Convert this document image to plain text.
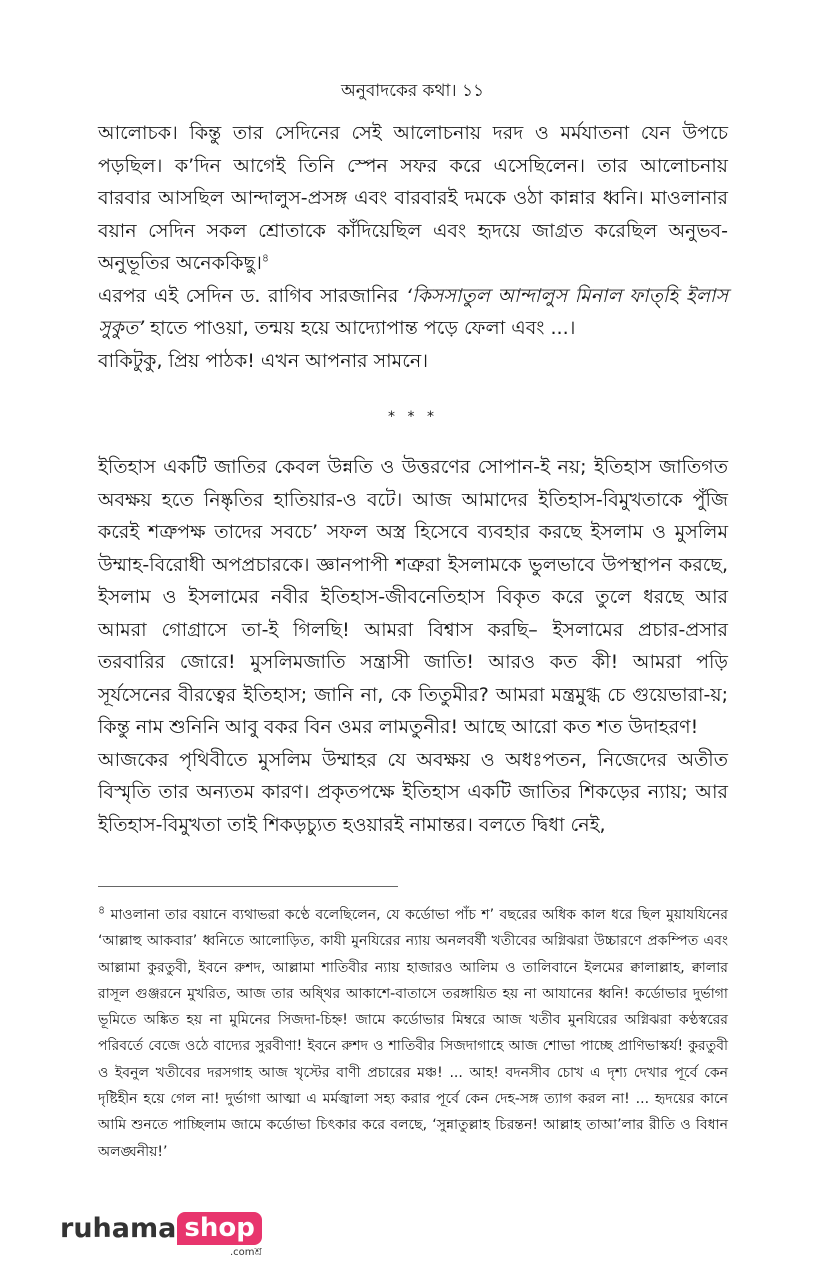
অনুবাদকের কথা। ১১

আলোচক। কিন্তু তার সেদিনের সেই আলোচনায় দরদ ও মর্মযাতনা যেন উপচে পড়ছিল। ক’দিন আগেই তিনি স্পেন সফর করে এসেছিলেন। তার আলোচনায় বারবার আসছিল আন্দালুস-প্রসঙ্গ এবং বারবারই দমকে ওঠা কান্নার ধ্বনি। মাওলানার বয়ান সেদিন সকল শ্রোতাকে কাঁদিয়েছিল এবং হৃদয়ে জাগ্রত করেছিল অনুভব-অনুভূতির অনেককিছু।$^৪$

এরপর এই সেদিন ড. রাগিব সারজানির ‘কিসসাতুল আন্দালুস মিনাল ফাত্‌হি ইলাস সুকুত’ হাতে পাওয়া, তন্ময় হয়ে আদ্যোপান্ত পড়ে ফেলা এবং ...।

বাকিটুকু, প্রিয় পাঠক! এখন আপনার সামনে।

* * *

ইতিহাস একটি জাতির কেবল উন্নতি ও উত্তরণের সোপান-ই নয়; ইতিহাস জাতিগত অবক্ষয় হতে নিষ্কৃতির হাতিয়ার-ও বটে। আজ আমাদের ইতিহাস-বিমুখতাকে পুঁজি করেই শত্রুপক্ষ তাদের সবচে’ সফল অস্ত্র হিসেবে ব্যবহার করছে ইসলাম ও মুসলিম উম্মাহ-বিরোধী অপপ্রচারকে। জ্ঞানপাপী শত্রুরা ইসলামকে ভুলভাবে উপস্থাপন করছে, ইসলাম ও ইসলামের নবীর ইতিহাস-জীবনেতিহাস বিকৃত করে তুলে ধরছে আর আমরা গোগ্রাসে তা-ই গিলছি! আমরা বিশ্বাস করছি– ইসলামের প্রচার-প্রসার তরবারির জোরে! মুসলিমজাতি সন্ত্রাসী জাতি! আরও কত কী! আমরা পড়ি সূর্যসেনের বীরত্বের ইতিহাস; জানি না, কে তিতুমীর? আমরা মন্ত্রমুগ্ধ চে গুয়েভারা-য়; কিন্তু নাম শুনিনি আবু বকর বিন ওমর লামতুনীর! আছে আরো কত শত উদাহরণ!

আজকের পৃথিবীতে মুসলিম উম্মাহর যে অবক্ষয় ও অধঃপতন, নিজেদের অতীত বিস্মৃতি তার অন্যতম কারণ। প্রকৃতপক্ষে ইতিহাস একটি জাতির শিকড়ের ন্যায়; আর ইতিহাস-বিমুখতা তাই শিকড়চ্যুত হওয়ারই নামান্তর। বলতে দ্বিধা নেই,

$^৪$ মাওলানা তার বয়ানে ব্যথাভরা কণ্ঠে বলেছিলেন, যে কর্ডোভা পাঁচ শ’ বছরের অধিক কাল ধরে ছিল মুয়াযযিনের ‘আল্লাহু আকবার’ ধ্বনিতে আলোড়িত, কাযী মুনযিরের ন্যায় অনলবর্ষী খতীবের অগ্নিঝরা উচ্চারণে প্রকম্পিত এবং আল্লামা কুরতুবী, ইবনে রুশদ, আল্লামা শাতিবীর ন্যায় হাজারও আলিম ও তালিবানে ইলমের ক্বালাল্লাহ, ক্বালার রাসূল গুঞ্জরনে মুখরিত, আজ তার অষ্থির আকাশে-বাতাসে তরঙ্গায়িত হয় না আযানের ধ্বনি! কর্ডোভার দুর্ভাগা ভূমিতে অঙ্কিত হয় না মুমিনের সিজদা-চিহ্ন! জামে কর্ডোভার মিম্বরে আজ খতীব মুনযিরের অগ্নিঝরা কণ্ঠস্বরের পরিবর্তে বেজে ওঠে বাদ্যের সুরবীণা! ইবনে রুশদ ও শাতিবীর সিজদাগাহে আজ শোভা পাচ্ছে প্রাণিভাস্কর্য! কুরতুবী ও ইবনুল খতীবের দরসগাহ আজ খৃস্টের বাণী প্রচারের মঞ্চ! ... আহ! বদনসীব চোখ এ দৃশ্য দেখার পূর্বে কেন দৃষ্টিহীন হয়ে গেল না! দুর্ভাগা আত্মা এ মর্মজ্বালা সহ্য করার পূর্বে কেন দেহ-সঙ্গ ত্যাগ করল না! ... হৃদয়ের কানে আমি শুনতে পাচ্ছিলাম জামে কর্ডোভা চিৎকার করে বলছে, ‘সুন্নাতুল্লাহ চিরন্তন! আল্লাহ তাআ’লার রীতি ও বিধান অলঙ্ঘনীয়!’

ruhama shop
.comশ্র
